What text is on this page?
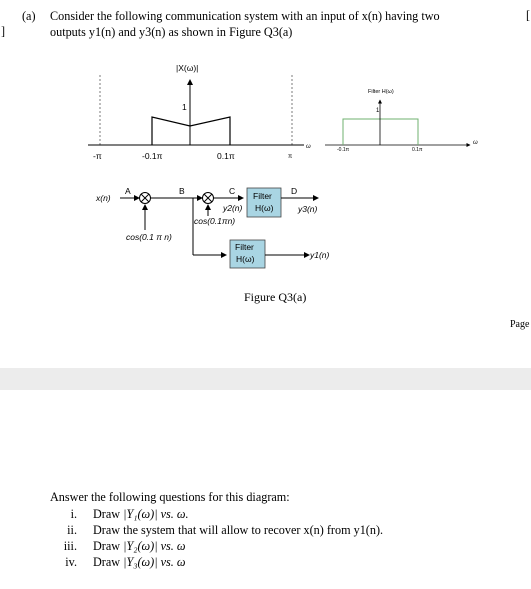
]
[
(a) Consider the following communication system with an input of x(n) having two
outputs y1(n) and y3(n) as shown in Figure Q3(a)
|X(ω)|
1
-π	-0.1π	0.1π	π
ω
Filter H(ω)
1
-0.1π	0.1π
ω
x(n)
A	B	C	D
cos(0.1 π n)
cos(0.1πn)
y2(n)	y3(n)
y1(n)
Filter
H(ω)
Filter
H(ω)
Figure Q3(a)
Page
Answer the following questions for this diagram:
i. Draw |Y₁(ω)| vs. ω.
ii. Draw the system that will allow to recover x(n) from y1(n).
iii. Draw |Y₂(ω)| vs. ω
iv. Draw |Y₃(ω)| vs. ω
